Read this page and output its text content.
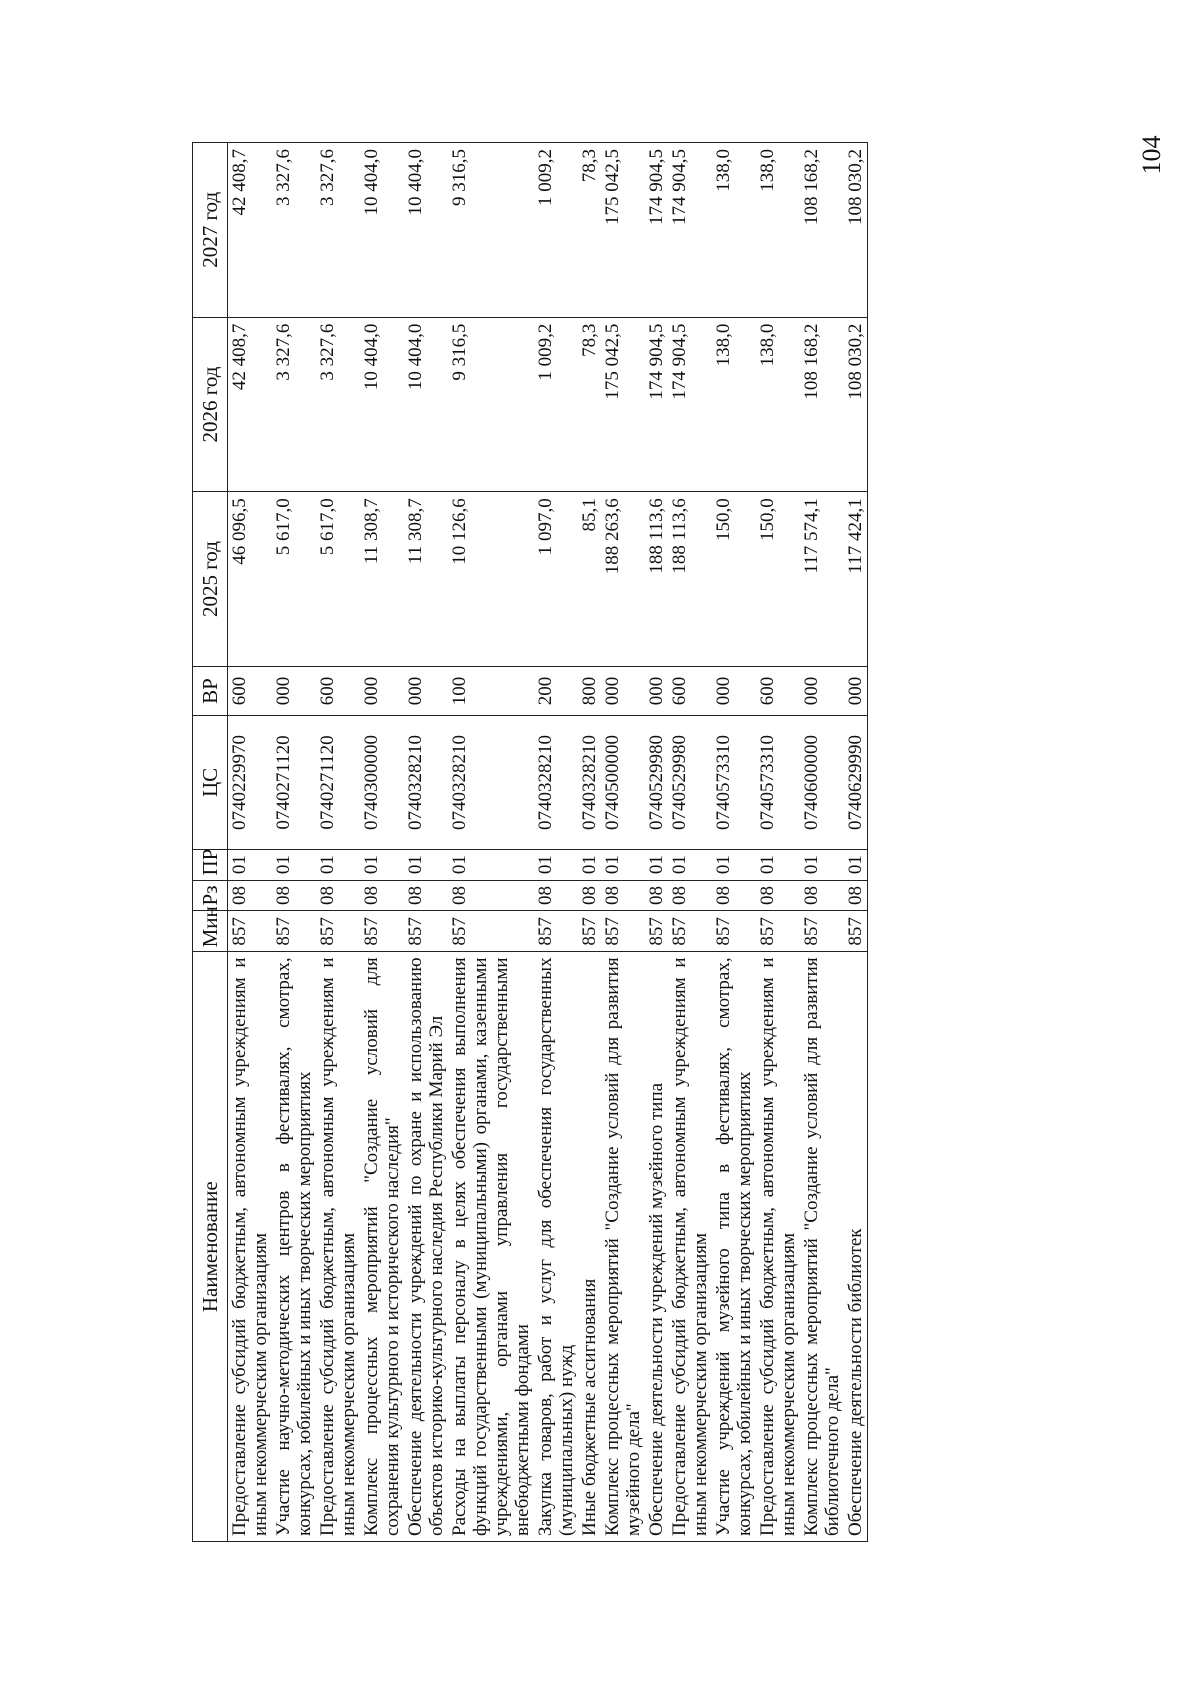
104
Наименование	Мин	Рз	ПР	ЦС	ВР	2025 год	2026 год	2027 год
Предоставление субсидий бюджетным, автономным учреждениям и иным некоммерческим организациям	857	08	01	0740229970	600	46 096,5	42 408,7	42 408,7
Участие научно-методических центров в фестивалях, смотрах, конкурсах, юбилейных и иных творческих мероприятиях	857	08	01	0740271120	000	5 617,0	3 327,6	3 327,6
Предоставление субсидий бюджетным, автономным учреждениям и иным некоммерческим организациям	857	08	01	0740271120	600	5 617,0	3 327,6	3 327,6
Комплекс процессных мероприятий "Создание условий для сохранения культурного и исторического наследия"	857	08	01	0740300000	000	11 308,7	10 404,0	10 404,0
Обеспечение деятельности учреждений по охране и использованию объектов историко-культурного наследия Республики Марий Эл	857	08	01	0740328210	000	11 308,7	10 404,0	10 404,0
Расходы на выплаты персоналу в целях обеспечения выполнения функций государственными (муниципальными) органами, казенными учреждениями, органами управления государственными внебюджетными фондами	857	08	01	0740328210	100	10 126,6	9 316,5	9 316,5
Закупка товаров, работ и услуг для обеспечения государственных (муниципальных) нужд	857	08	01	0740328210	200	1 097,0	1 009,2	1 009,2
Иные бюджетные ассигнования	857	08	01	0740328210	800	85,1	78,3	78,3
Комплекс процессных мероприятий "Создание условий для развития музейного дела"	857	08	01	0740500000	000	188 263,6	175 042,5	175 042,5
Обеспечение деятельности учреждений музейного типа	857	08	01	0740529980	000	188 113,6	174 904,5	174 904,5
Предоставление субсидий бюджетным, автономным учреждениям и иным некоммерческим организациям	857	08	01	0740529980	600	188 113,6	174 904,5	174 904,5
Участие учреждений музейного типа в фестивалях, смотрах, конкурсах, юбилейных и иных творческих мероприятиях	857	08	01	0740573310	000	150,0	138,0	138,0
Предоставление субсидий бюджетным, автономным учреждениям и иным некоммерческим организациям	857	08	01	0740573310	600	150,0	138,0	138,0
Комплекс процессных мероприятий "Создание условий для развития библиотечного дела"	857	08	01	0740600000	000	117 574,1	108 168,2	108 168,2
Обеспечение деятельности библиотек	857	08	01	0740629990	000	117 424,1	108 030,2	108 030,2
